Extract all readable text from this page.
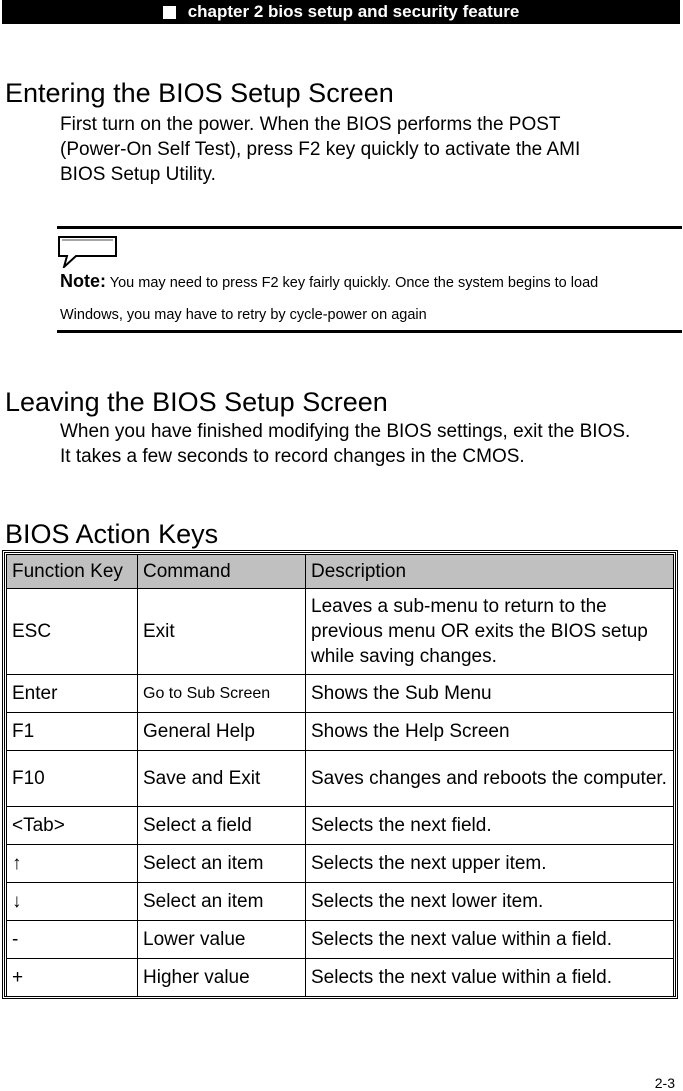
chapter 2 bios setup and security feature
Entering the BIOS Setup Screen
First turn on the power. When the BIOS performs the POST
(Power-On Self Test), press F2 key quickly to activate the AMI
BIOS Setup Utility.
Note: You may need to press F2 key fairly quickly. Once the system begins to load
Windows, you may have to retry by cycle-power on again
Leaving the BIOS Setup Screen
When you have finished modifying the BIOS settings, exit the BIOS.
It takes a few seconds to record changes in the CMOS.
BIOS Action Keys
Function Key	Command	Description
ESC	Exit	Leaves a sub-menu to return to the previous menu OR exits the BIOS setup while saving changes.
Enter	Go to Sub Screen	Shows the Sub Menu
F1	General Help	Shows the Help Screen
F10	Save and Exit	Saves changes and reboots the computer.
<Tab>	Select a field	Selects the next field.
↑	Select an item	Selects the next upper item.
↓	Select an item	Selects the next lower item.
-	Lower value	Selects the next value within a field.
+	Higher value	Selects the next value within a field.
2-3
